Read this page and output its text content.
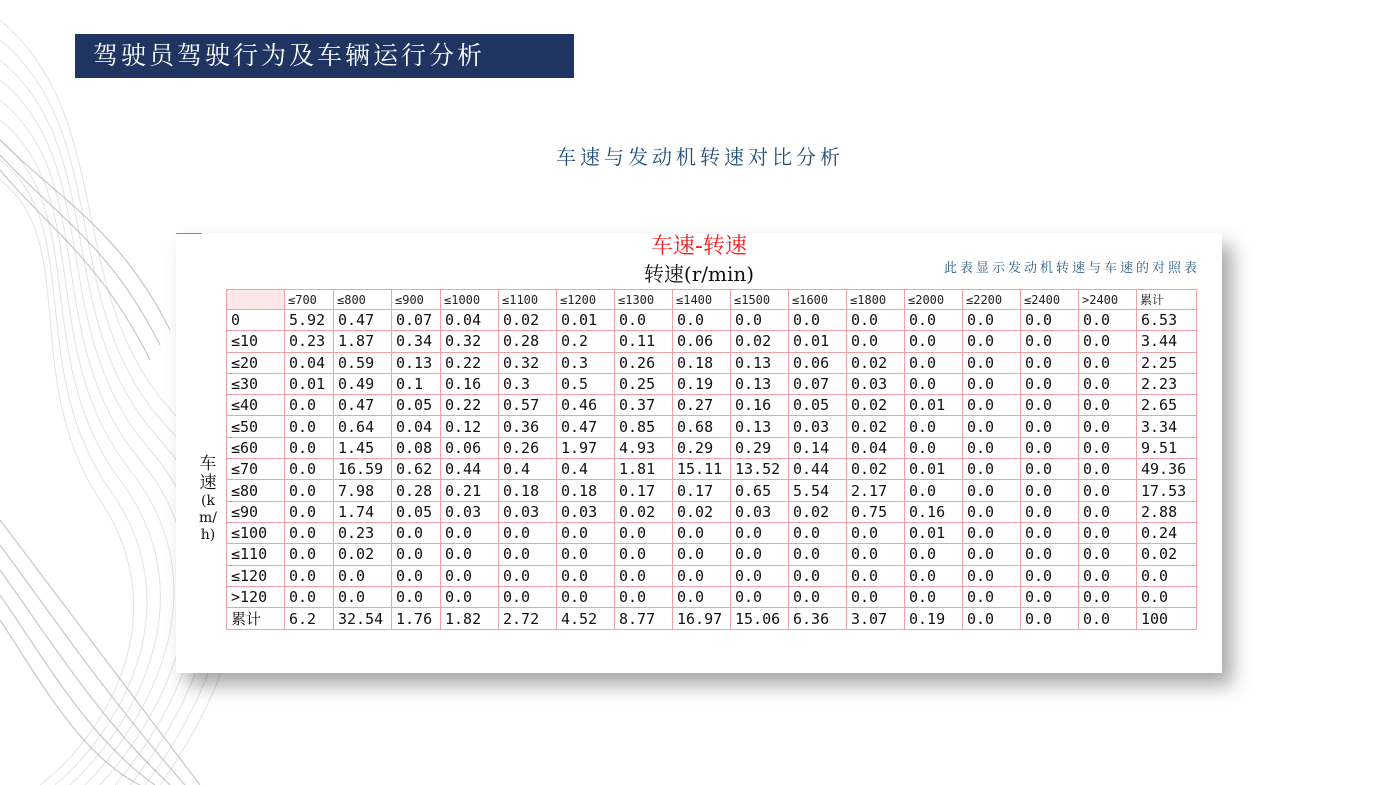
驾驶员驾驶行为及车辆运行分析
车速与发动机转速对比分析
车速-转速
转速(r/min)	此表显示发动机转速与车速的对照表
车
速
(k
m/
h)
	≤700	≤800	≤900	≤1000	≤1100	≤1200	≤1300	≤1400	≤1500	≤1600	≤1800	≤2000	≤2200	≤2400	>2400	累计
0	5.92	0.47	0.07	0.04	0.02	0.01	0.0	0.0	0.0	0.0	0.0	0.0	0.0	0.0	0.0	6.53
≤10	0.23	1.87	0.34	0.32	0.28	0.2	0.11	0.06	0.02	0.01	0.0	0.0	0.0	0.0	0.0	3.44
≤20	0.04	0.59	0.13	0.22	0.32	0.3	0.26	0.18	0.13	0.06	0.02	0.0	0.0	0.0	0.0	2.25
≤30	0.01	0.49	0.1	0.16	0.3	0.5	0.25	0.19	0.13	0.07	0.03	0.0	0.0	0.0	0.0	2.23
≤40	0.0	0.47	0.05	0.22	0.57	0.46	0.37	0.27	0.16	0.05	0.02	0.01	0.0	0.0	0.0	2.65
≤50	0.0	0.64	0.04	0.12	0.36	0.47	0.85	0.68	0.13	0.03	0.02	0.0	0.0	0.0	0.0	3.34
≤60	0.0	1.45	0.08	0.06	0.26	1.97	4.93	0.29	0.29	0.14	0.04	0.0	0.0	0.0	0.0	9.51
≤70	0.0	16.59	0.62	0.44	0.4	0.4	1.81	15.11	13.52	0.44	0.02	0.01	0.0	0.0	0.0	49.36
≤80	0.0	7.98	0.28	0.21	0.18	0.18	0.17	0.17	0.65	5.54	2.17	0.0	0.0	0.0	0.0	17.53
≤90	0.0	1.74	0.05	0.03	0.03	0.03	0.02	0.02	0.03	0.02	0.75	0.16	0.0	0.0	0.0	2.88
≤100	0.0	0.23	0.0	0.0	0.0	0.0	0.0	0.0	0.0	0.0	0.0	0.01	0.0	0.0	0.0	0.24
≤110	0.0	0.02	0.0	0.0	0.0	0.0	0.0	0.0	0.0	0.0	0.0	0.0	0.0	0.0	0.0	0.02
≤120	0.0	0.0	0.0	0.0	0.0	0.0	0.0	0.0	0.0	0.0	0.0	0.0	0.0	0.0	0.0	0.0
>120	0.0	0.0	0.0	0.0	0.0	0.0	0.0	0.0	0.0	0.0	0.0	0.0	0.0	0.0	0.0	0.0
累计	6.2	32.54	1.76	1.82	2.72	4.52	8.77	16.97	15.06	6.36	3.07	0.19	0.0	0.0	0.0	100
